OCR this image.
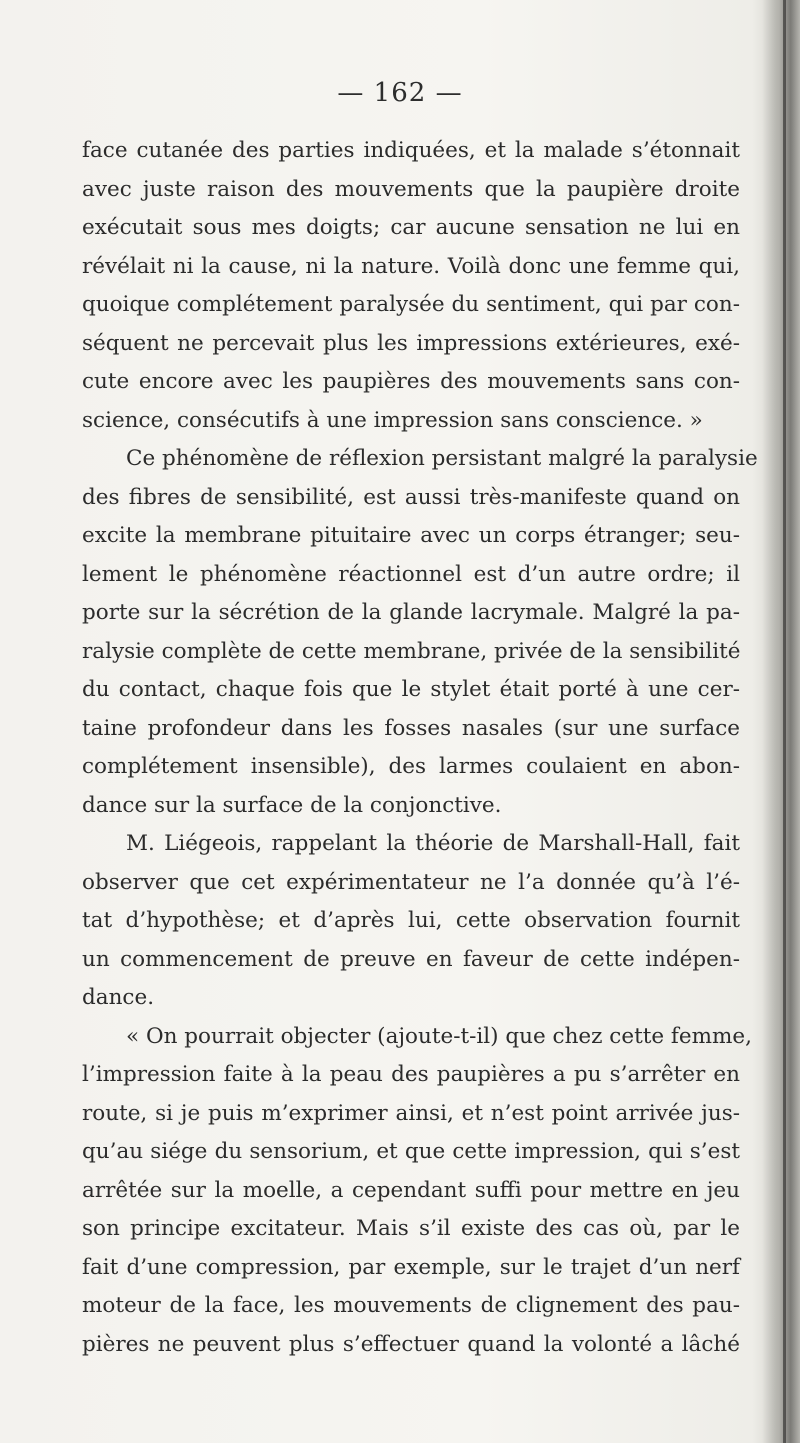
— 162 —
face cutanée des parties indiquées, et la malade s’étonnait
avec juste raison des mouvements que la paupière droite
exécutait sous mes doigts; car aucune sensation ne lui en
révélait ni la cause, ni la nature. Voilà donc une femme qui,
quoique complétement paralysée du sentiment, qui par con-
séquent ne percevait plus les impressions extérieures, exé-
cute encore avec les paupières des mouvements sans con-
science, consécutifs à une impression sans conscience. »
Ce phénomène de réflexion persistant malgré la paralysie
des fibres de sensibilité, est aussi très-manifeste quand on
excite la membrane pituitaire avec un corps étranger; seu-
lement le phénomène réactionnel est d’un autre ordre; il
porte sur la sécrétion de la glande lacrymale. Malgré la pa-
ralysie complète de cette membrane, privée de la sensibilité
du contact, chaque fois que le stylet était porté à une cer-
taine profondeur dans les fosses nasales (sur une surface
complétement insensible), des larmes coulaient en abon-
dance sur la surface de la conjonctive.
M. Liégeois, rappelant la théorie de Marshall-Hall, fait
observer que cet expérimentateur ne l’a donnée qu’à l’é-
tat d’hypothèse; et d’après lui, cette observation fournit
un commencement de preuve en faveur de cette indépen-
dance.
« On pourrait objecter (ajoute-t-il) que chez cette femme,
l’impression faite à la peau des paupières a pu s’arrêter en
route, si je puis m’exprimer ainsi, et n’est point arrivée jus-
qu’au siége du sensorium, et que cette impression, qui s’est
arrêtée sur la moelle, a cependant suffi pour mettre en jeu
son principe excitateur. Mais s’il existe des cas où, par le
fait d’une compression, par exemple, sur le trajet d’un nerf
moteur de la face, les mouvements de clignement des pau-
pières ne peuvent plus s’effectuer quand la volonté a lâché
